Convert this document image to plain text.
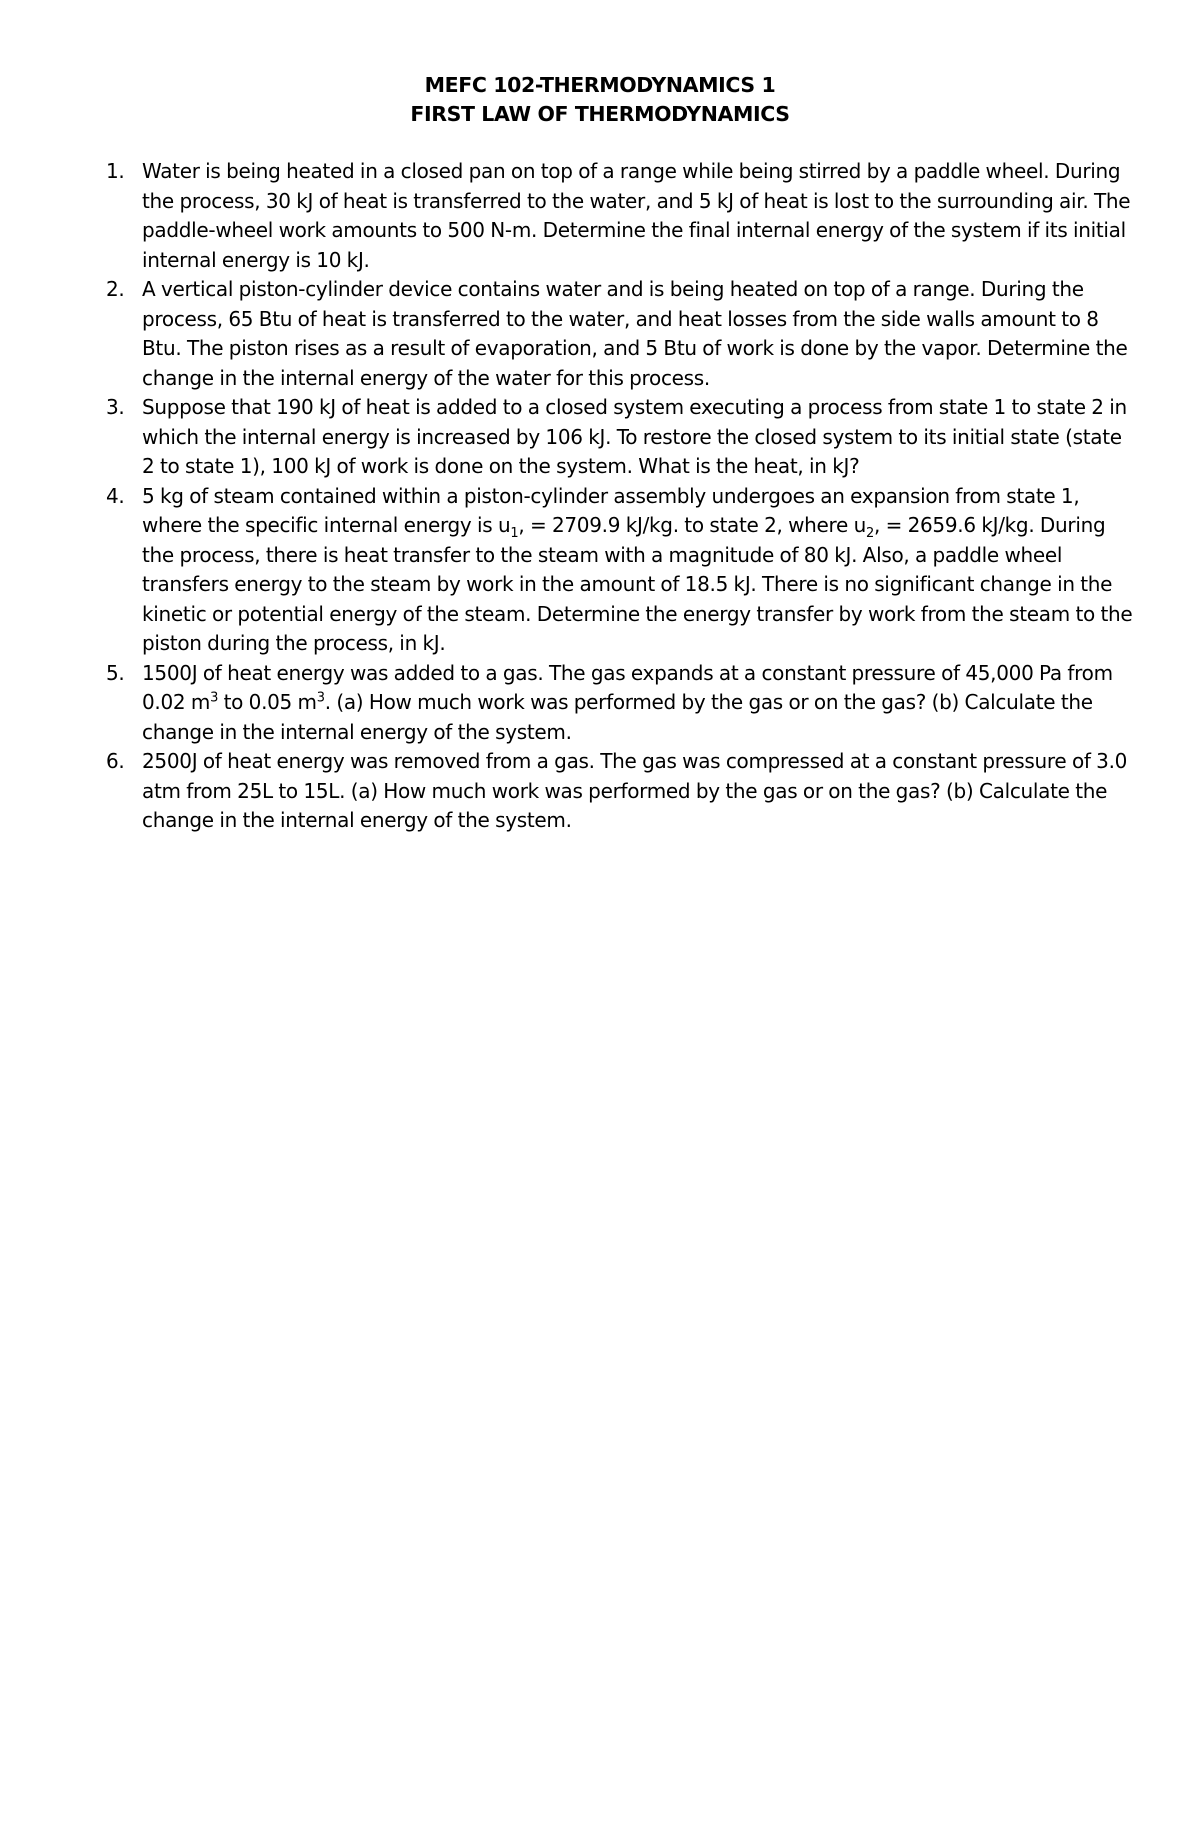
MEFC 102-THERMODYNAMICS 1
FIRST LAW OF THERMODYNAMICS
1. Water is being heated in a closed pan on top of a range while being stirred by a paddle wheel. During the process, 30 kJ of heat is transferred to the water, and 5 kJ of heat is lost to the surrounding air. The paddle-wheel work amounts to 500 N-m. Determine the final internal energy of the system if its initial internal energy is 10 kJ.
2. A vertical piston-cylinder device contains water and is being heated on top of a range. During the process, 65 Btu of heat is transferred to the water, and heat losses from the side walls amount to 8 Btu. The piston rises as a result of evaporation, and 5 Btu of work is done by the vapor. Determine the change in the internal energy of the water for this process.
3. Suppose that 190 kJ of heat is added to a closed system executing a process from state 1 to state 2 in which the internal energy is increased by 106 kJ. To restore the closed system to its initial state (state 2 to state 1), 100 kJ of work is done on the system. What is the heat, in kJ?
4. 5 kg of steam contained within a piston-cylinder assembly undergoes an expansion from state 1, where the specific internal energy is $u_1$, = 2709.9 kJ/kg. to state 2, where $u_2$, = 2659.6 kJ/kg. During the process, there is heat transfer to the steam with a magnitude of 80 kJ. Also, a paddle wheel transfers energy to the steam by work in the amount of 18.5 kJ. There is no significant change in the kinetic or potential energy of the steam. Determine the energy transfer by work from the steam to the piston during the process, in kJ.
5. 1500J of heat energy was added to a gas. The gas expands at a constant pressure of 45,000 Pa from 0.02 $m^3$ to 0.05 $m^3$. (a) How much work was performed by the gas or on the gas? (b) Calculate the change in the internal energy of the system.
6. 2500J of heat energy was removed from a gas. The gas was compressed at a constant pressure of 3.0 atm from 25L to 15L. (a) How much work was performed by the gas or on the gas? (b) Calculate the change in the internal energy of the system.
